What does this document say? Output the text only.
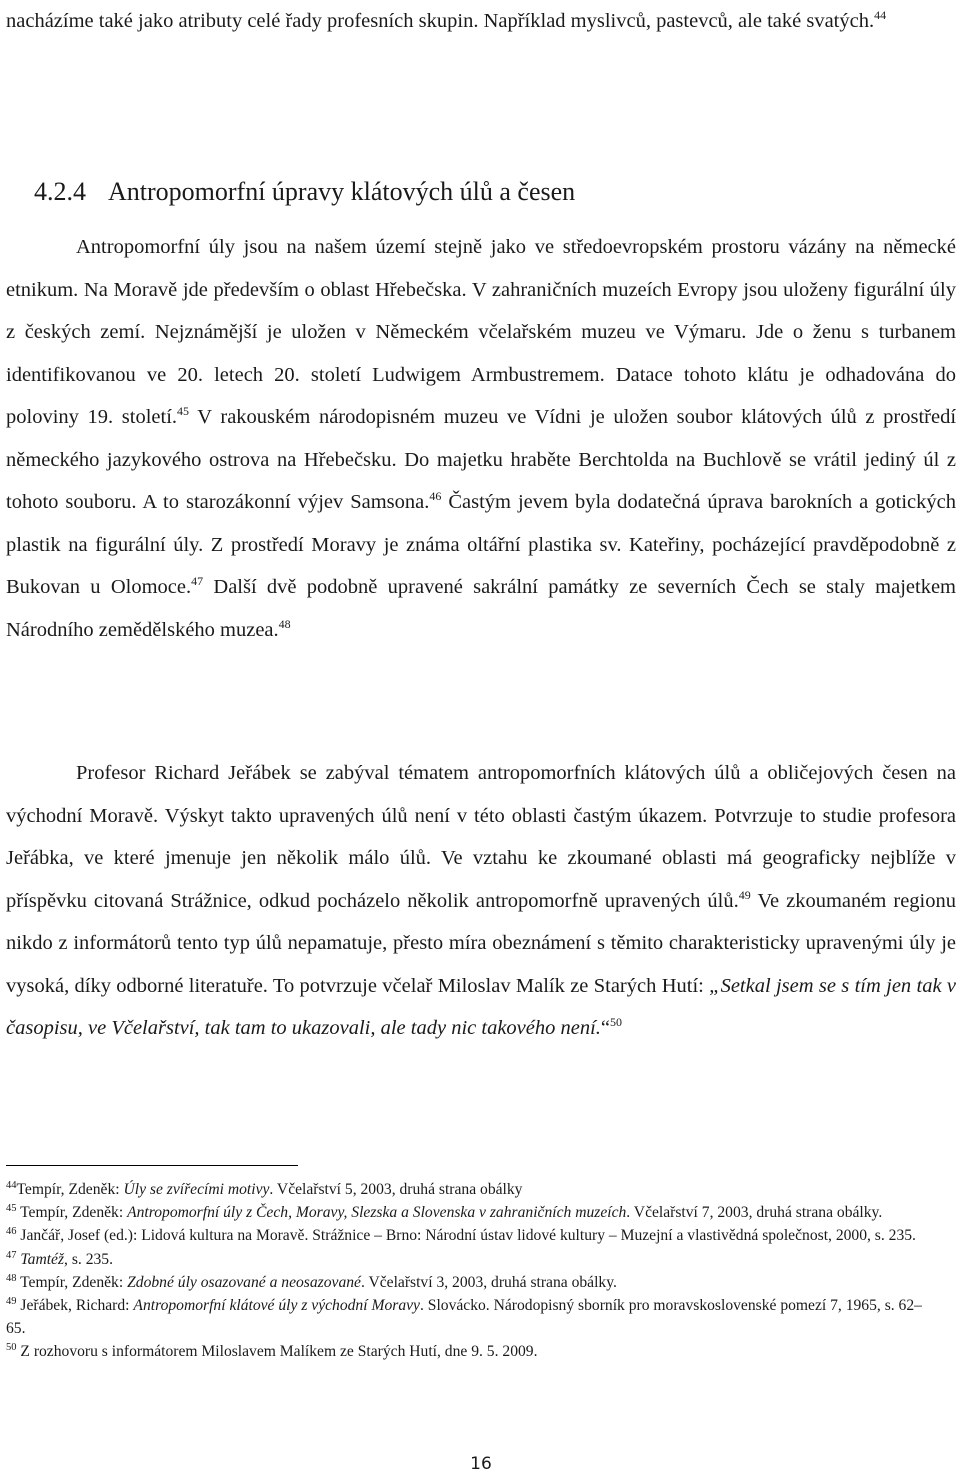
nacházíme také jako atributy celé řady profesních skupin. Například myslivců, pastevců, ale také svatých.$^{44}$

4.2.4 Antropomorfní úpravy klátových úlů a česen

Antropomorfní úly jsou na našem území stejně jako ve středoevropském prostoru vázány na německé etnikum. Na Moravě jde především o oblast Hřebečska. V zahraničních muzeích Evropy jsou uloženy figurální úly z českých zemí. Nejznámější je uložen v Německém včelařském muzeu ve Výmaru. Jde o ženu s turbanem identifikovanou ve 20. letech 20. století Ludwigem Armbustremem. Datace tohoto klátu je odhadována do poloviny 19. století.$^{45}$ V rakouském národopisném muzeu ve Vídni je uložen soubor klátových úlů z prostředí německého jazykového ostrova na Hřebečsku. Do majetku hraběte Berchtolda na Buchlově se vrátil jediný úl z tohoto souboru. A to starozákonní výjev Samsona.$^{46}$ Častým jevem byla dodatečná úprava barokních a gotických plastik na figurální úly. Z prostředí Moravy je známa oltářní plastika sv. Kateřiny, pocházející pravděpodobně z Bukovan u Olomoce.$^{47}$ Další dvě podobně upravené sakrální památky ze severních Čech se staly majetkem Národního zemědělského muzea.$^{48}$

Profesor Richard Jeřábek se zabýval tématem antropomorfních klátových úlů a obličejových česen na východní Moravě. Výskyt takto upravených úlů není v této oblasti častým úkazem. Potvrzuje to studie profesora Jeřábka, ve které jmenuje jen několik málo úlů. Ve vztahu ke zkoumané oblasti má geograficky nejblíže v příspěvku citovaná Strážnice, odkud pocházelo několik antropomorfně upravených úlů.$^{49}$ Ve zkoumaném regionu nikdo z informátorů tento typ úlů nepamatuje, přesto míra obeznámení s těmito charakteristicky upravenými úly je vysoká, díky odborné literatuře. To potvrzuje včelař Miloslav Malík ze Starých Hutí: „Setkal jsem se s tím jen tak v časopisu, ve Včelařství, tak tam to ukazovali, ale tady nic takového není.“$^{50}$

$^{44}$Tempír, Zdeněk: Úly se zvířecími motivy. Včelařství 5, 2003, druhá strana obálky

$^{45}$ Tempír, Zdeněk: Antropomorfní úly z Čech, Moravy, Slezska a Slovenska v zahraničních muzeích. Včelařství 7, 2003, druhá strana obálky.

$^{46}$ Jančář, Josef (ed.): Lidová kultura na Moravě. Strážnice – Brno: Národní ústav lidové kultury – Muzejní a vlastivědná společnost, 2000, s. 235.

$^{47}$ Tamtéž, s. 235.

$^{48}$ Tempír, Zdeněk: Zdobné úly osazované a neosazované. Včelařství 3, 2003, druhá strana obálky.

$^{49}$ Jeřábek, Richard: Antropomorfní klátové úly z východní Moravy. Slovácko. Národopisný sborník pro moravskoslovenské pomezí 7, 1965, s. 62–65.

$^{50}$ Z rozhovoru s informátorem Miloslavem Malíkem ze Starých Hutí, dne 9. 5. 2009.

16
